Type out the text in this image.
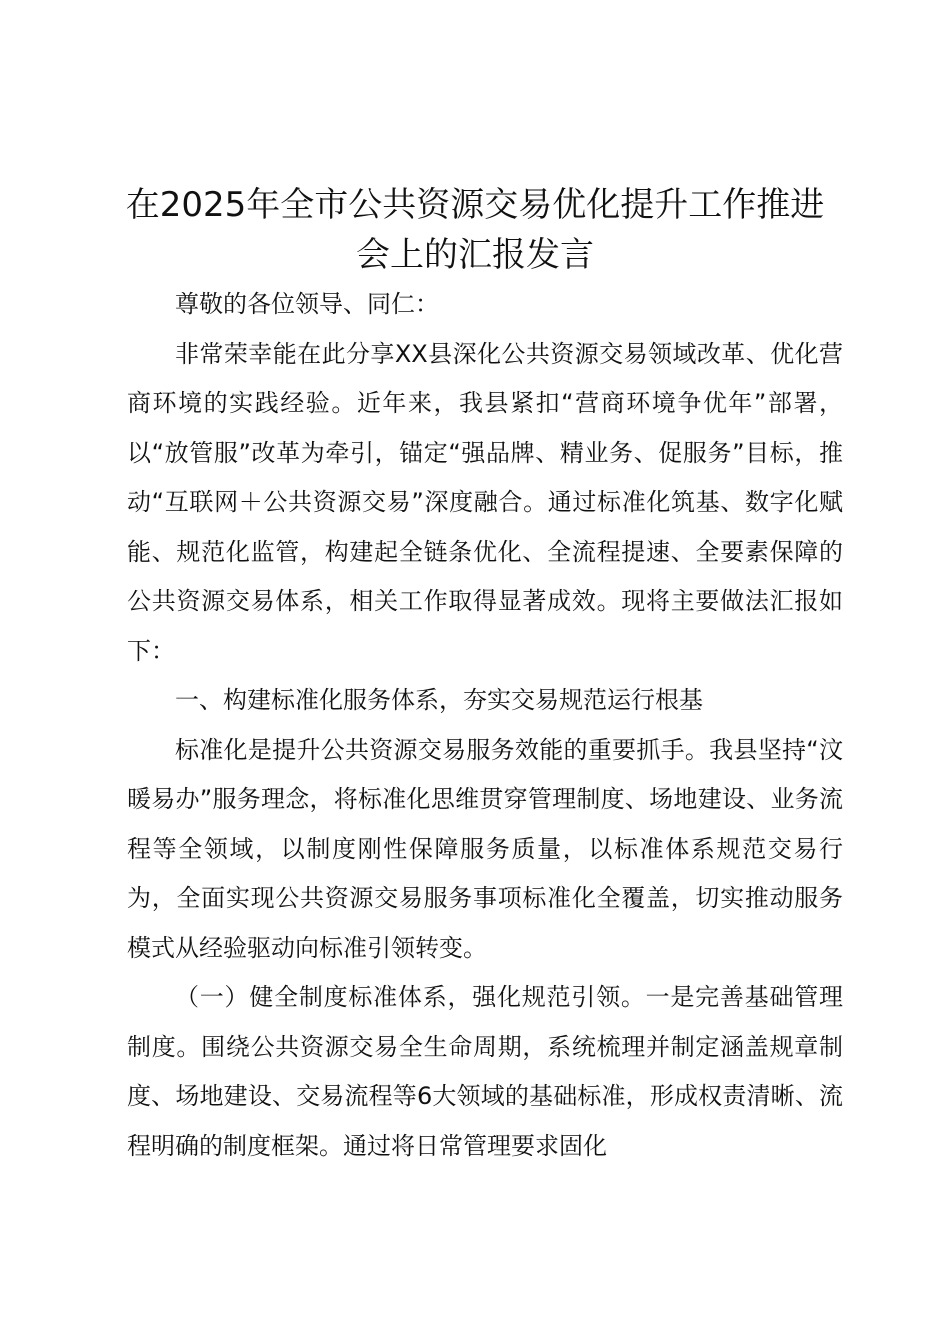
在2025年全市公共资源交易优化提升工作推进会上的汇报发言

尊敬的各位领导、同仁：

非常荣幸能在此分享XX县深化公共资源交易领域改革、优化营商环境的实践经验。近年来，我县紧扣“营商环境争优年”部署，以“放管服”改革为牵引，锚定“强品牌、精业务、促服务”目标，推动“互联网＋公共资源交易”深度融合。通过标准化筑基、数字化赋能、规范化监管，构建起全链条优化、全流程提速、全要素保障的公共资源交易体系，相关工作取得显著成效。现将主要做法汇报如下：

一、构建标准化服务体系，夯实交易规范运行根基

标准化是提升公共资源交易服务效能的重要抓手。我县坚持“汶暖易办”服务理念，将标准化思维贯穿管理制度、场地建设、业务流程等全领域，以制度刚性保障服务质量，以标准体系规范交易行为，全面实现公共资源交易服务事项标准化全覆盖，切实推动服务模式从经验驱动向标准引领转变。

（一）健全制度标准体系，强化规范引领。一是完善基础管理制度。围绕公共资源交易全生命周期，系统梳理并制定涵盖规章制度、场地建设、交易流程等6大领域的基础标准，形成权责清晰、流程明确的制度框架。通过将日常管理要求固化
